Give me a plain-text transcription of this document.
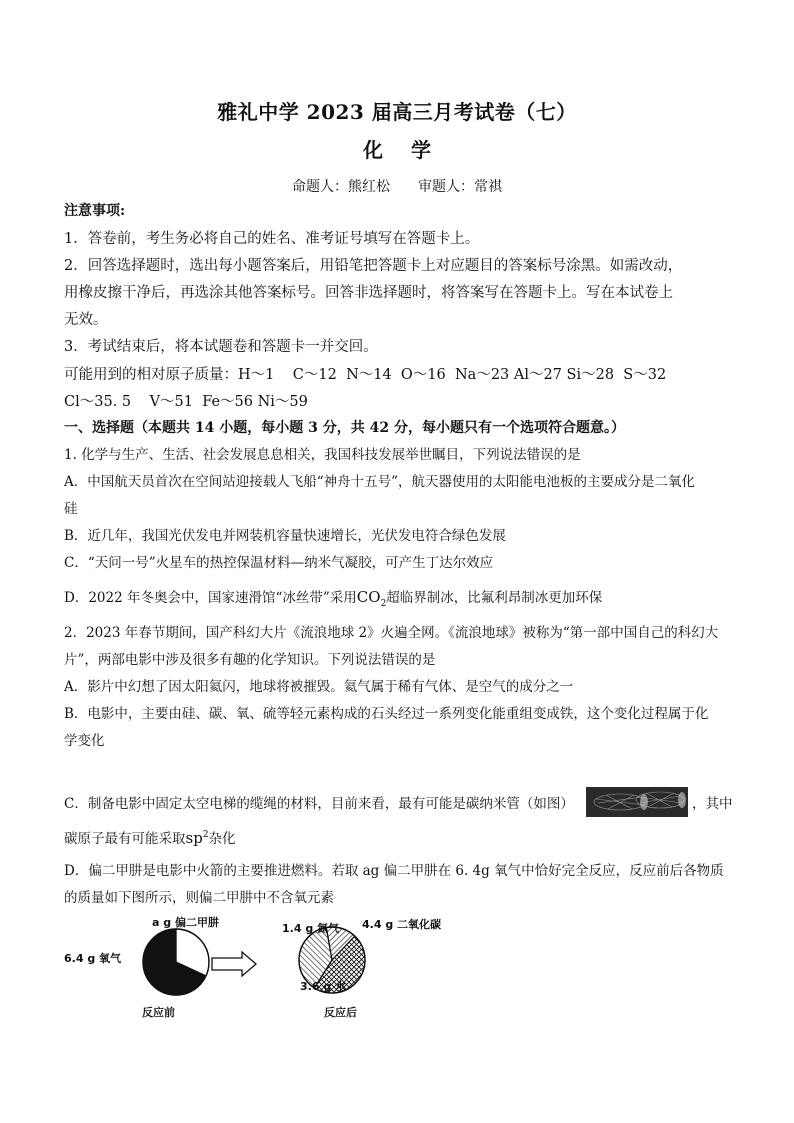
雅礼中学 2023 届高三月考试卷（七）
化学
命题人：熊红松 审题人：常祺
注意事项:
1．答卷前，考生务必将自己的姓名、准考证号填写在答题卡上。
2．回答选择题时，选出每小题答案后，用铅笔把答题卡上对应题目的答案标号涂黑。如需改动，
用橡皮擦干净后，再选涂其他答案标号。回答非选择题时，将答案写在答题卡上。写在本试卷上
无效。
3．考试结束后，将本试题卷和答题卡一并交回。
可能用到的相对原子质量：H～1    C～12  N～14  O～16  Na～23 Al～27 Si～28  S～32
Cl～35. 5    V～51  Fe～56 Ni～59
一、选择题（本题共 14 小题，每小题 3 分，共 42 分，每小题只有一个选项符合题意。）
1. 化学与生产、生活、社会发展息息相关，我国科技发展举世瞩目，下列说法错误的是
A．中国航天员首次在空间站迎接载人飞船“神舟十五号”，航天器使用的太阳能电池板的主要成分是二氧化
硅
B．近几年，我国光伏发电并网装机容量快速增长，光伏发电符合绿色发展
C．“天问一号”火星车的热控保温材料—纳米气凝胶，可产生丁达尔效应
D．2022 年冬奥会中，国家速滑馆“冰丝带”采用$CO_2$超临界制冰，比氟利昂制冰更加环保
2．2023 年春节期间，国产科幻大片《流浪地球 2》火遍全网。《流浪地球》被称为“第一部中国自己的科幻大
片”，两部电影中涉及很多有趣的化学知识。下列说法错误的是
A．影片中幻想了因太阳氦闪，地球将被摧毁。氦气属于稀有气体、是空气的成分之一
B．电影中，主要由硅、碳、氧、硫等轻元素构成的石头经过一系列变化能重组变成铁，这个变化过程属于化
学变化
C．制备电影中固定太空电梯的缆绳的材料，目前来看，最有可能是碳纳米管（如图）	，其中
碳原子最有可能采取$sp^2$杂化
D．偏二甲肼是电影中火箭的主要推进燃料。若取 ag 偏二甲肼在 6. 4g 氧气中恰好完全反应，反应前后各物质
的质量如下图所示，则偏二甲肼中不含氧元素
a g 偏二甲肼
6.4 g 氧气
反应前
1.4 g 氮气 4.4 g 二氧化碳
3.6 g 水
反应后
